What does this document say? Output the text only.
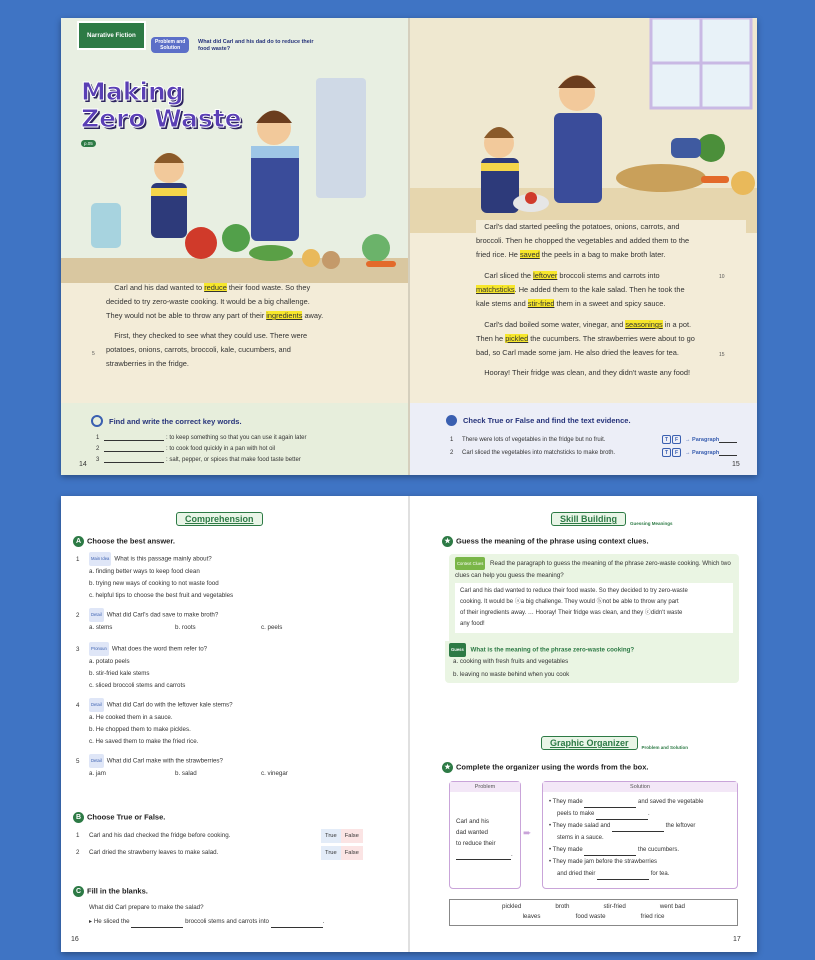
Narrative Fiction
Problem and
Solution
What did Carl and his dad do to reduce their food waste?
Making
Zero Waste
p.05
Carl and his dad wanted to reduce their food waste. So they
decided to try zero-waste cooking. It would be a big challenge.
They would not be able to throw any part of their ingredients away.
First, they checked to see what they could use. There were
potatoes, onions, carrots, broccoli, kale, cucumbers, and
strawberries in the fridge.
5
Carl's dad started peeling the potatoes, onions, carrots, and
broccoli. Then he chopped the vegetables and added them to the
fried rice. He saved the peels in a bag to make broth later.
Carl sliced the leftover broccoli stems and carrots into
matchsticks. He added them to the kale salad. Then he took the
kale stems and stir-fried them in a sweet and spicy sauce.
10
Carl's dad boiled some water, vinegar, and seasonings in a pot.
Then he pickled the cucumbers. The strawberries were about to go
bad, so Carl made some jam. He also dried the leaves for tea.	15
Hooray! Their fridge was clean, and they didn't waste any food!
Find and write the correct key words.
1	: to keep something so that you can use it again later
2	: to cook food quickly in a pan with hot oil
3	: salt, pepper, or spices that make food taste better
14
Check True or False and find the text evidence.
1	There were lots of vegetables in the fridge but no fruit.	T	F	→ Paragraph
2	Carl sliced the vegetables into matchsticks to make broth.	T	F	→ Paragraph
15
Comprehension
A Choose the best answer.
1	Main Idea What is this passage mainly about?
a. finding better ways to keep food clean
b. trying new ways of cooking to not waste food
c. helpful tips to choose the best fruit and vegetables
2	Detail What did Carl's dad save to make broth?
a. stems	b. roots	c. peels
3	Pronoun What does the word them refer to?
a. potato peels
b. stir-fried kale stems
c. sliced broccoli stems and carrots
4	Detail What did Carl do with the leftover kale stems?
a. He cooked them in a sauce.
b. He chopped them to make pickles.
c. He saved them to make the fried rice.
5	Detail What did Carl make with the strawberries?
a. jam	b. salad	c. vinegar
B Choose True or False.
1	Carl and his dad checked the fridge before cooking.	True	False
2	Carl dried the strawberry leaves to make salad.	True	False
C Fill in the blanks.
What did Carl prepare to make the salad?
▸ He sliced the	broccoli stems and carrots into	.
16
Skill Building	Guessing Meanings
★ Guess the meaning of the phrase using context clues.
Context Clues Read the paragraph to guess the meaning of the phrase zero-waste cooking. Which two clues can help you guess the meaning?
Carl and his dad wanted to reduce their food waste. So they decided to try zero-waste
cooking. It would be ⓐa big challenge. They would ⓑnot be able to throw any part
of their ingredients away. … Hooray! Their fridge was clean, and they ⓒdidn't waste
any food!
Guess What is the meaning of the phrase zero-waste cooking?
a. cooking with fresh fruits and vegetables
b. leaving no waste behind when you cook
Graphic Organizer	Problem and Solution
★ Complete the organizer using the words from the box.
Problem
Carl and his
dad wanted
to reduce their
.
➨
Solution
• They made	and saved the vegetable
peels to make	.
• They made salad and	the leftover
stems in a sauce.
• They made	the cucumbers.
• They made jam before the strawberries
and dried their	for tea.
pickled	broth	stir-fried	went bad
leaves	food waste	fried rice
17
